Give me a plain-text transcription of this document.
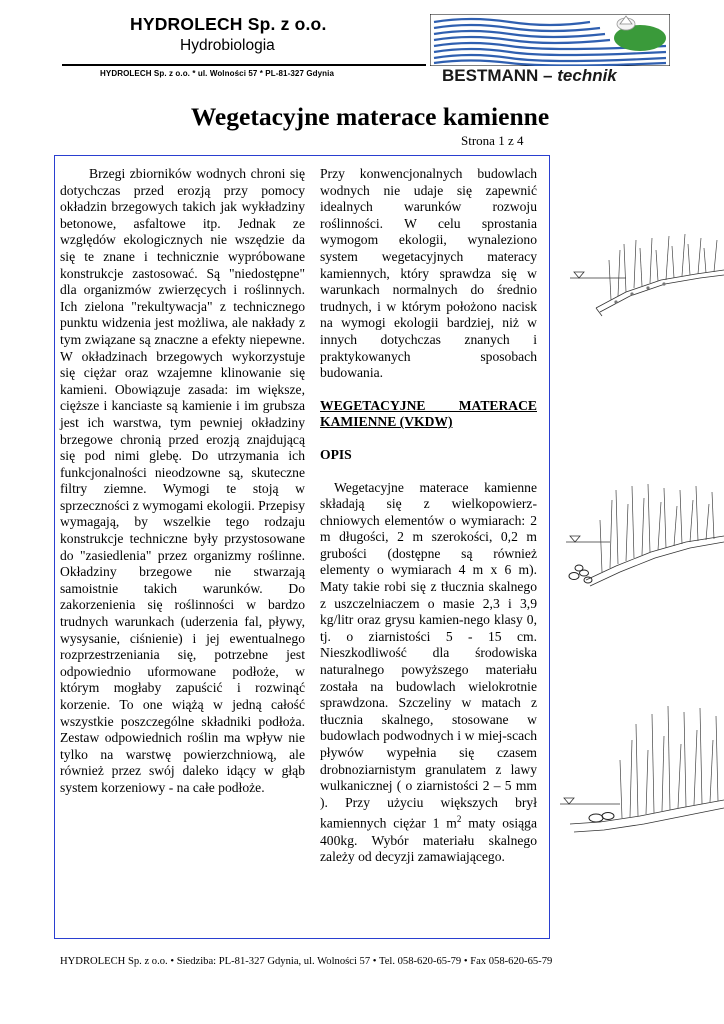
HYDROLECH Sp. z o.o.
Hydrobiologia
HYDROLECH Sp. z o.o. * ul. Wolności 57 * PL-81-327 Gdynia	BESTMANN – technik
Wegetacyjne materace kamienne
Strona 1 z 4

Brzegi zbiorników wodnych chroni się dotychczas przed erozją przy pomocy okładzin brzegowych takich jak wykładziny betonowe, asfaltowe itp. Jednak ze względów ekologicznych nie wszędzie da się te znane i technicznie wypróbowane konstrukcje zastosować. Są "niedostępne" dla organizmów zwierzęcych i roślinnych. Ich zielona "rekultywacja" z technicznego punktu widzenia jest możliwa, ale nakłady z tym związane są znaczne a efekty niepewne. W okładzinach brzegowych wykorzystuje się ciężar oraz wzajemne klinowanie się kamieni. Obowiązuje zasada: im większe, cięższe i kanciaste są kamienie i im grubsza jest ich warstwa, tym pewniej okładziny brzegowe chronią przed erozją znajdującą się pod nimi glebę. Do utrzymania ich funkcjonalności nieodzowne są, skuteczne filtry ziemne. Wymogi te stoją w sprzeczności z wymogami ekologii. Przepisy wymagają, by wszelkie tego rodzaju konstrukcje techniczne były przystosowane do "zasiedlenia" przez organizmy roślinne. Okładziny brzegowe nie stwarzają samoistnie takich warunków. Do zakorzenienia się roślinności w bardzo trudnych warunkach (uderzenia fal, pływy, wysysanie, ciśnienie) i jej ewentualnego rozprzestrzeniania się, potrzebne jest odpowiednio uformowane podłoże, w którym mogłaby zapuścić i rozwinąć korzenie. To one wiążą w jedną całość wszystkie poszczególne składniki podłoża. Zestaw odpowiednich roślin ma wpływ nie tylko na warstwę powierzchniową, ale również przez swój daleko idący w głąb system korzeniowy - na całe podłoże.

Przy konwencjonalnych budowlach wodnych nie udaje się zapewnić idealnych warunków rozwoju roślinności. W celu sprostania wymogom ekologii, wynaleziono system wegetacyjnych materacy kamiennych, który sprawdza się w warunkach normalnych do średnio trudnych, i w którym położono nacisk na wymogi ekologii bardziej, niż w innych dotychczas znanych i praktykowanych sposobach budowania.

WEGETACYJNE MATERACE KAMIENNE (VKDW)

OPIS

Wegetacyjne materace kamienne składają się z wielkopowierz-chniowych elementów o wymiarach: 2 m długości, 2 m szerokości, 0,2 m grubości (dostępne są również elementy o wymiarach 4 m x 6 m). Maty takie robi się z tłucznia skalnego z uszczelniaczem o masie 2,3 i 3,9 kg/litr oraz grysu kamien-nego klasy 0, tj. o ziarnistości 5 - 15 cm. Nieszkodliwość dla środowiska naturalnego powyższego materiału została na budowlach wielokrotnie sprawdzona. Szczeliny w matach z tłucznia skalnego, stosowane w budowlach podwodnych i w miej-scach pływów wypełnia się czasem drobnoziarnistym granulatem z lawy wulkanicznej ( o ziarnistości 2 – 5 mm ). Przy użyciu większych brył kamiennych ciężar 1 $m^2$ maty osiąga 400kg. Wybór materiału skalnego zależy od decyzji zamawiającego.

HYDROLECH Sp. z o.o. • Siedziba: PL-81-327 Gdynia, ul. Wolności 57 • Tel. 058-620-65-79 • Fax 058-620-65-79
